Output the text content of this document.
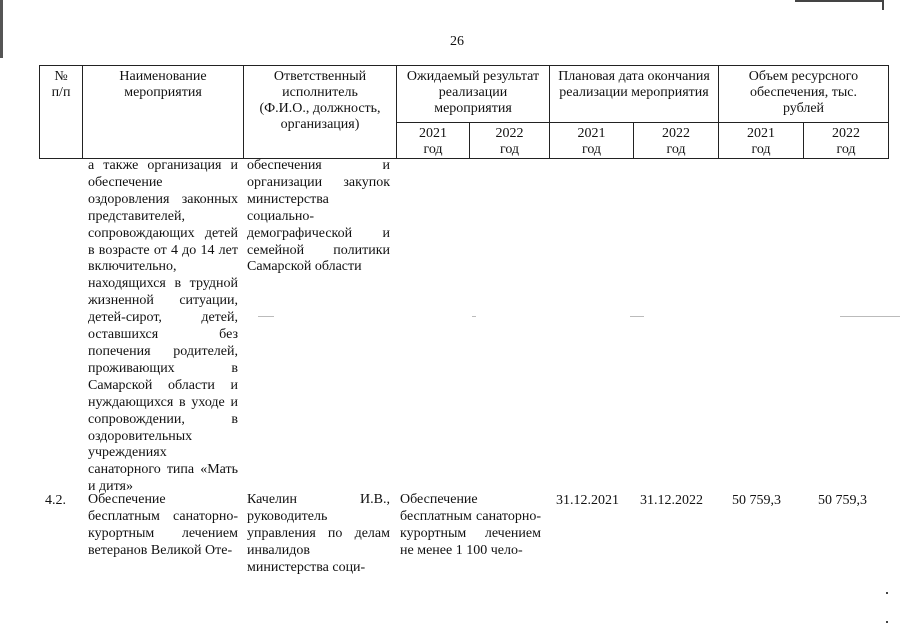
26
№ п/п
Наименование мероприятия
Ответственный исполнитель (Ф.И.О., должность, организация)
Ожидаемый результат реализации мероприятия
Плановая дата окончания реализации мероприятия
Объем ресурсного обеспечения, тыс. рублей
2021 год
2022 год
2021 год
2022 год
2021 год
2022 год
а также организация и обеспечение оздоровления законных представителей, сопровождающих детей в возрасте от 4 до 14 лет включительно, находящихся в трудной жизненной ситуации, детей-сирот, детей, оставшихся без попечения родителей, проживающих в Самарской области и нуждающихся в уходе и сопровождении, в оздоровительных учреждениях санаторного типа «Мать и дитя»
обеспечения и организации закупок министерства социально-демографической и семейной политики Самарской области
4.2. Обеспечение бесплатным санаторно-курортным лечением ветеранов Великой Оте-
Качелин И.В., руководитель управления по делам инвалидов министерства соци-
Обеспечение бесплатным санаторно-курортным лечением не менее 1 100 чело-
31.12.2021 31.12.2022 50 759,3	50 759,3
